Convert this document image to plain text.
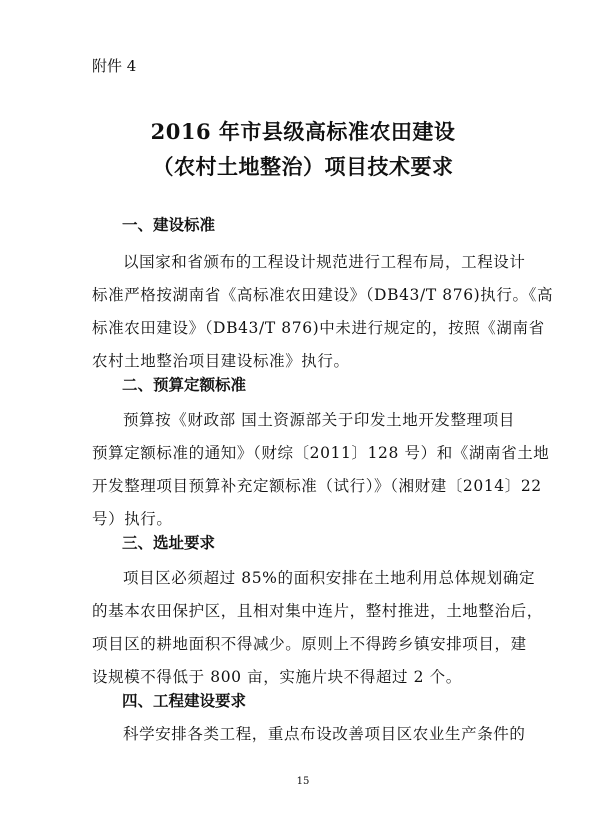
附件 4
2016 年市县级高标准农田建设
（农村土地整治）项目技术要求
一、建设标准
以国家和省颁布的工程设计规范进行工程布局，工程设计
标准严格按湖南省《高标准农田建设》（DB43/T 876)执行。《高
标准农田建设》（DB43/T 876)中未进行规定的，按照《湖南省
农村土地整治项目建设标准》执行。
二、预算定额标准
预算按《财政部 国土资源部关于印发土地开发整理项目
预算定额标准的通知》（财综〔2011〕128 号）和《湖南省土地
开发整理项目预算补充定额标准（试行）》（湘财建〔2014〕22
号）执行。
三、选址要求
项目区必须超过 85%的面积安排在土地利用总体规划确定
的基本农田保护区，且相对集中连片，整村推进，土地整治后，
项目区的耕地面积不得减少。原则上不得跨乡镇安排项目，建
设规模不得低于 800 亩，实施片块不得超过 2 个。
四、工程建设要求
科学安排各类工程，重点布设改善项目区农业生产条件的
15
